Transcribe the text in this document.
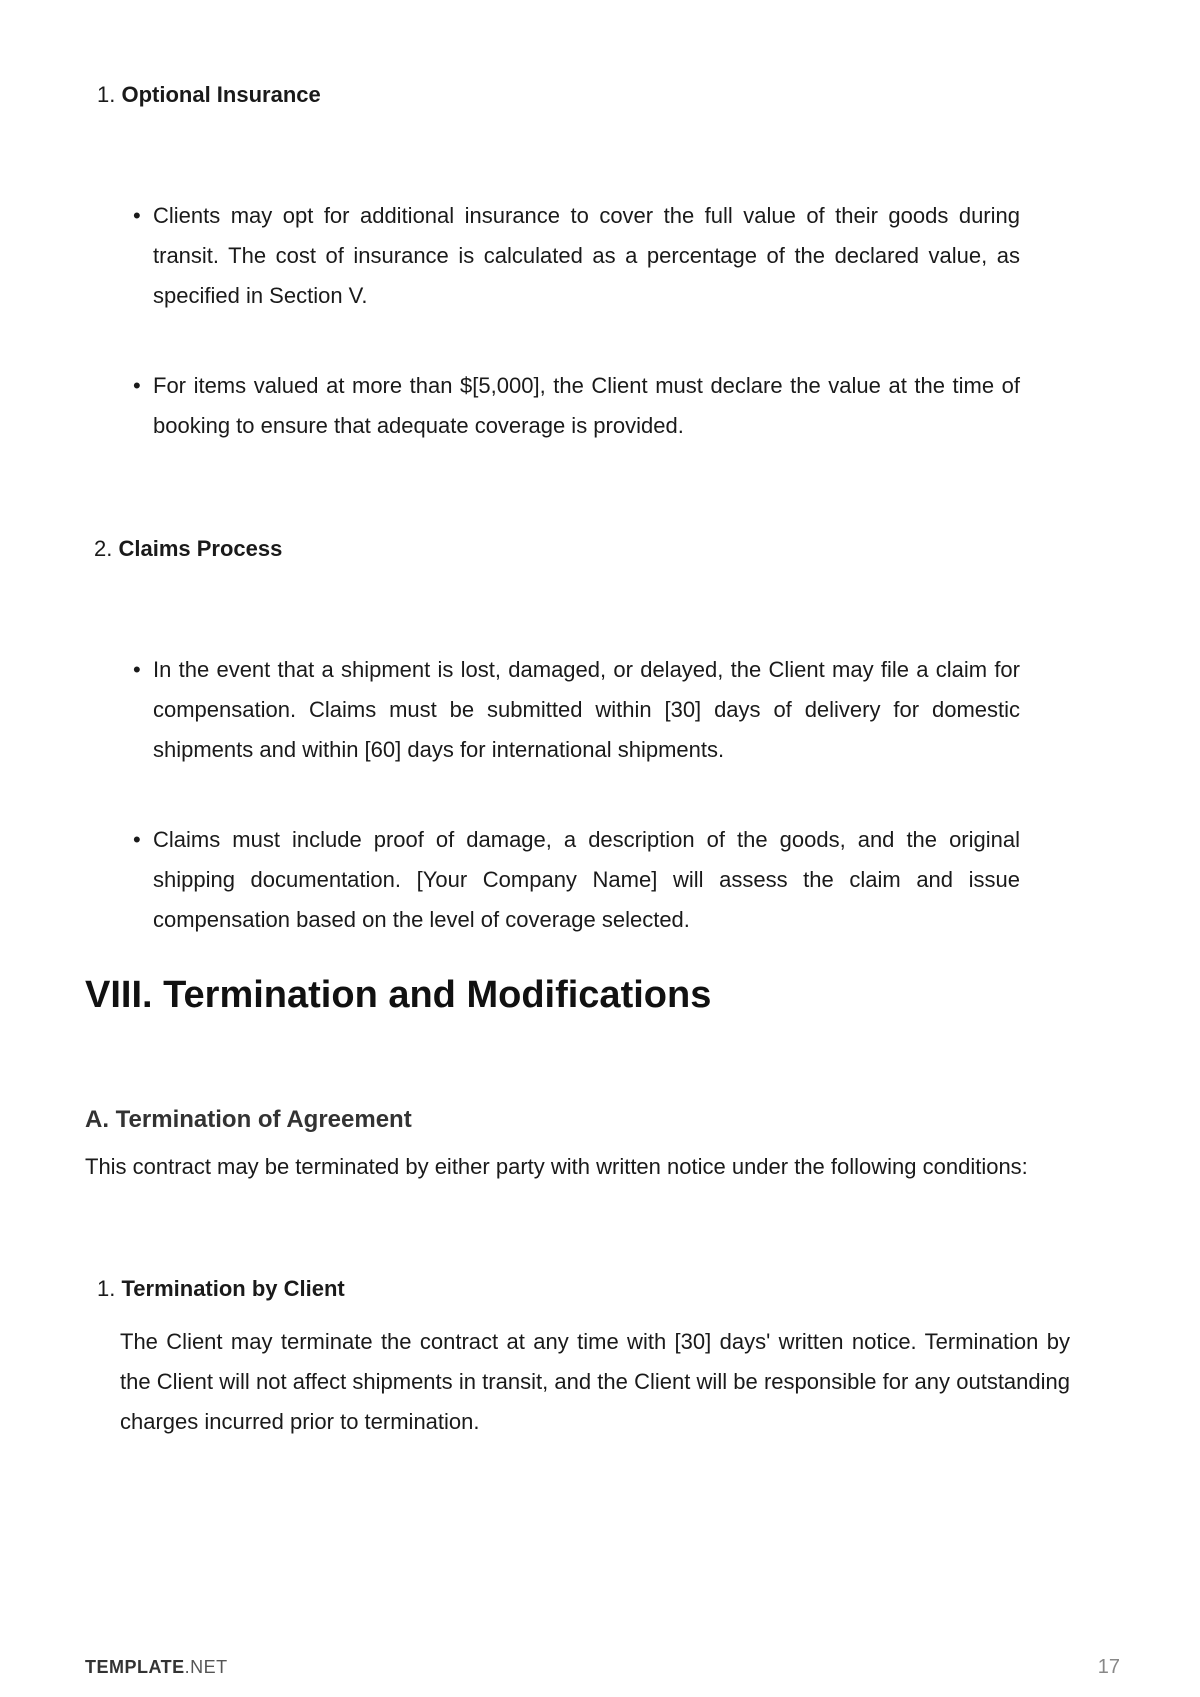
1. Optional Insurance
• Clients may opt for additional insurance to cover the full value of their goods during transit. The cost of insurance is calculated as a percentage of the declared value, as specified in Section V.
• For items valued at more than $[5,000], the Client must declare the value at the time of booking to ensure that adequate coverage is provided.
2. Claims Process
• In the event that a shipment is lost, damaged, or delayed, the Client may file a claim for compensation. Claims must be submitted within [30] days of delivery for domestic shipments and within [60] days for international shipments.
• Claims must include proof of damage, a description of the goods, and the original shipping documentation. [Your Company Name] will assess the claim and issue compensation based on the level of coverage selected.
VIII. Termination and Modifications
A. Termination of Agreement
This contract may be terminated by either party with written notice under the following conditions:
1. Termination by Client
The Client may terminate the contract at any time with [30] days' written notice. Termination by the Client will not affect shipments in transit, and the Client will be responsible for any outstanding charges incurred prior to termination.
TEMPLATE.NET	17
